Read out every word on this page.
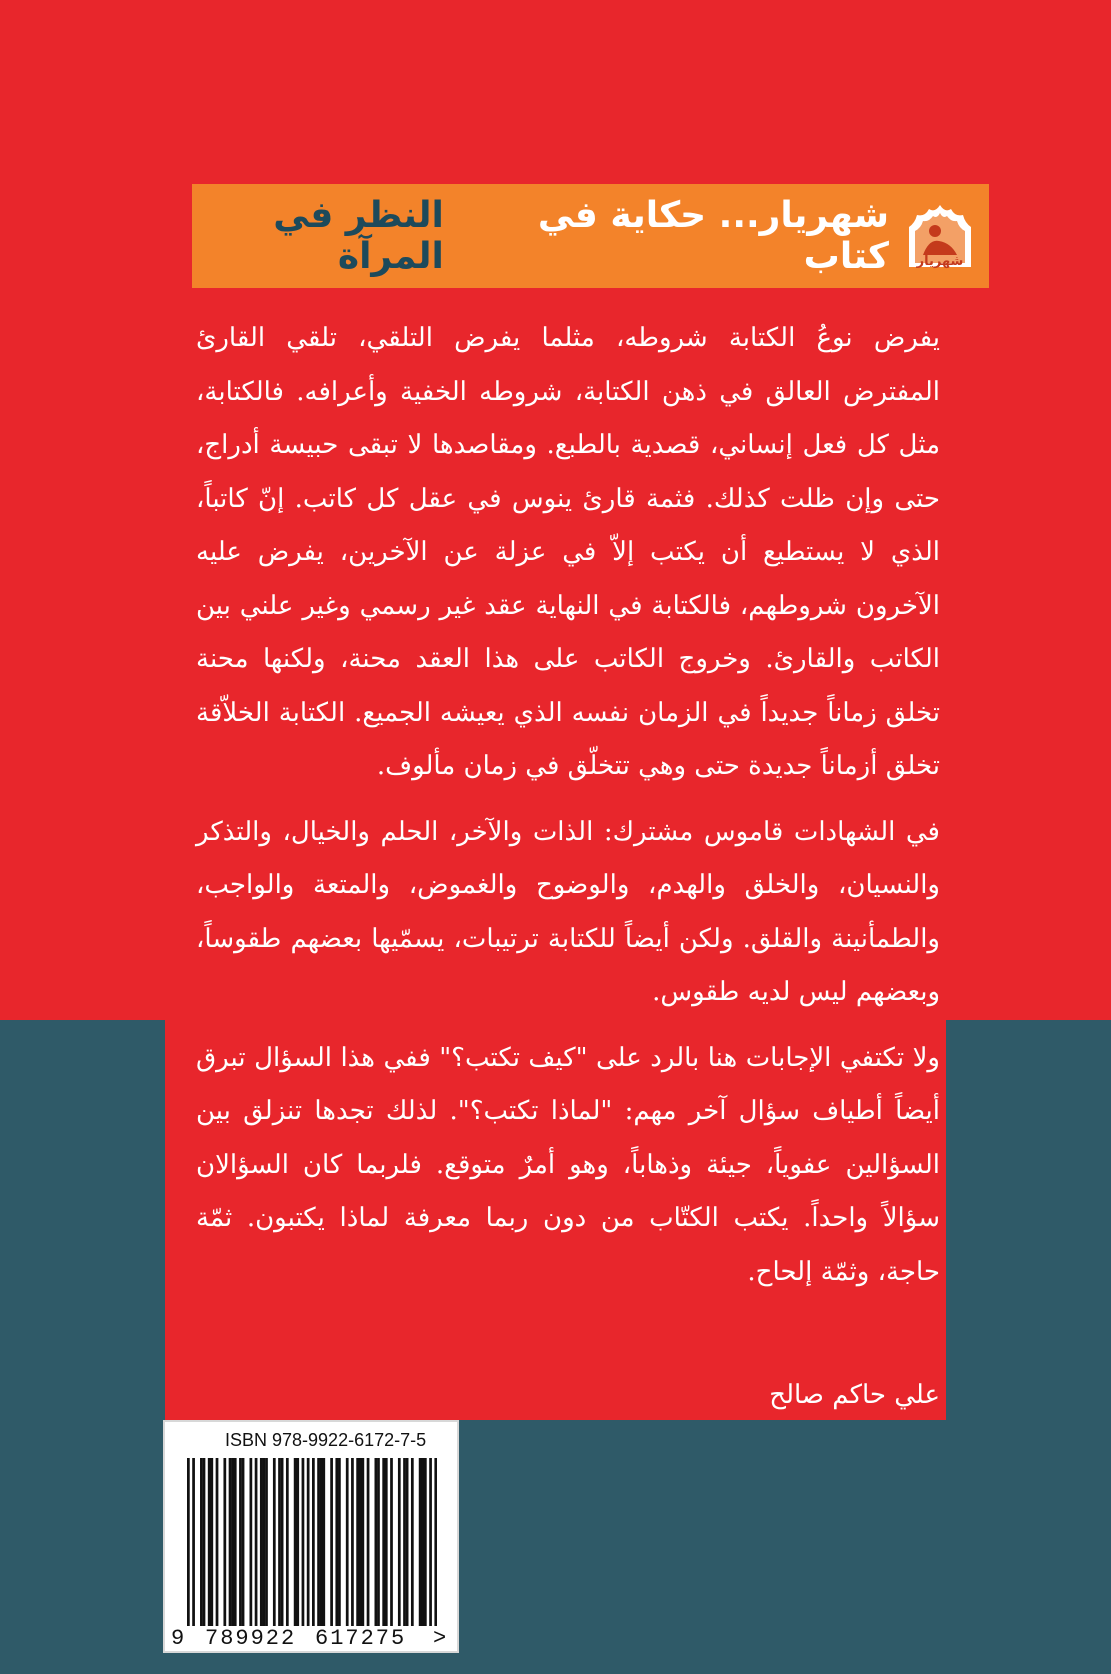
شهريار
شهريار... حكاية في كتاب
النظر في المرآة

يفرض نوعُ الكتابة شروطه، مثلما يفرض التلقي، تلقي القارئ المفترض العالق في ذهن الكتابة، شروطه الخفية وأعرافه. فالكتابة، مثل كل فعل إنساني، قصدية بالطبع. ومقاصدها لا تبقى حبيسة أدراج، حتى وإن ظلت كذلك. فثمة قارئ ينوس في عقل كل كاتب. إنّ كاتباً، الذي لا يستطيع أن يكتب إلاّ في عزلة عن الآخرين، يفرض عليه الآخرون شروطهم، فالكتابة في النهاية عقد غير رسمي وغير علني بين الكاتب والقارئ. وخروج الكاتب على هذا العقد محنة، ولكنها محنة تخلق زماناً جديداً في الزمان نفسه الذي يعيشه الجميع. الكتابة الخلاّقة تخلق أزماناً جديدة حتى وهي تتخلّق في زمان مألوف.

في الشهادات قاموس مشترك: الذات والآخر، الحلم والخيال، والتذكر والنسيان، والخلق والهدم، والوضوح والغموض، والمتعة والواجب، والطمأنينة والقلق. ولكن أيضاً للكتابة ترتيبات، يسمّيها بعضهم طقوساً، وبعضهم ليس لديه طقوس.

ولا تكتفي الإجابات هنا بالرد على "كيف تكتب؟" ففي هذا السؤال تبرق أيضاً أطياف سؤال آخر مهم: "لماذا تكتب؟". لذلك تجدها تنزلق بين السؤالين عفوياً، جيئة وذهاباً، وهو أمرٌ متوقع. فلربما كان السؤالان سؤالاً واحداً. يكتب الكتّاب من دون ربما معرفة لماذا يكتبون. ثمّة حاجة، وثمّة إلحاح.

علي حاكم صالح
ISBN 978-9922-6172-7-5
9 789922 617275 >
